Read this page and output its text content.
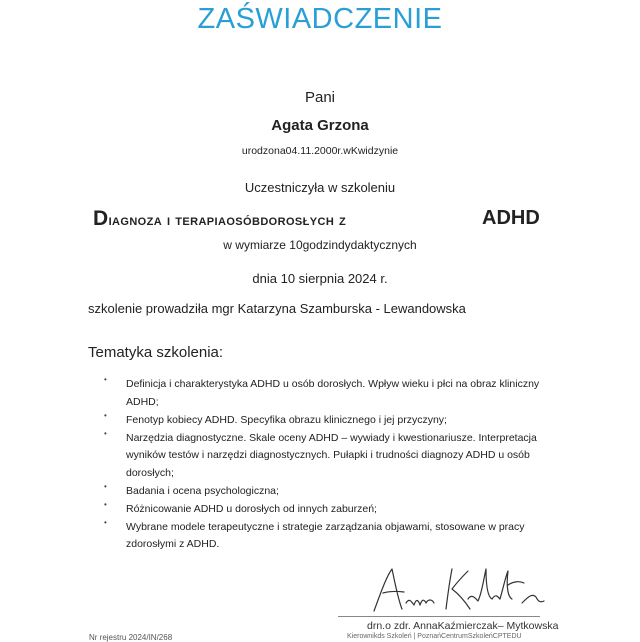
ZAŚWIADCZENIE
Pani
Agata Grzona
urodzona04.11.2000r.wKwidzynie
Uczestniczyła w szkoleniu
Diagnoza i terapiaosóbdorosłych z	ADHD
w wymiarze 10godzindydaktycznych
dnia 10 sierpnia 2024 r.
szkolenie prowadziła mgr Katarzyna Szamburska - Lewandowska
Tematyka szkolenia:
• Definicja i charakterystyka ADHD u osób dorosłych. Wpływ wieku i płci na obraz kliniczny ADHD;
• Fenotyp kobiecy ADHD. Specyfika obrazu klinicznego i jej przyczyny;
• Narzędzia diagnostyczne. Skale oceny ADHD – wywiady i kwestionariusze. Interpretacja wyników testów i narzędzi diagnostycznych. Pułapki i trudności diagnozy ADHD u osób dorosłych;
• Badania i ocena psychologiczna;
• Różnicowanie ADHD u dorosłych od innych zaburzeń;
• Wybrane modele terapeutyczne i strategie zarządzania objawami, stosowane w pracy zdorosłymi z ADHD.
drn.o zdr. AnnaKaźmierczak– Mytkowska
Kierownikds Szkoleń | PoznańCentrumSzkoleńCPTEDU
Nr rejestru 2024/IN/268
